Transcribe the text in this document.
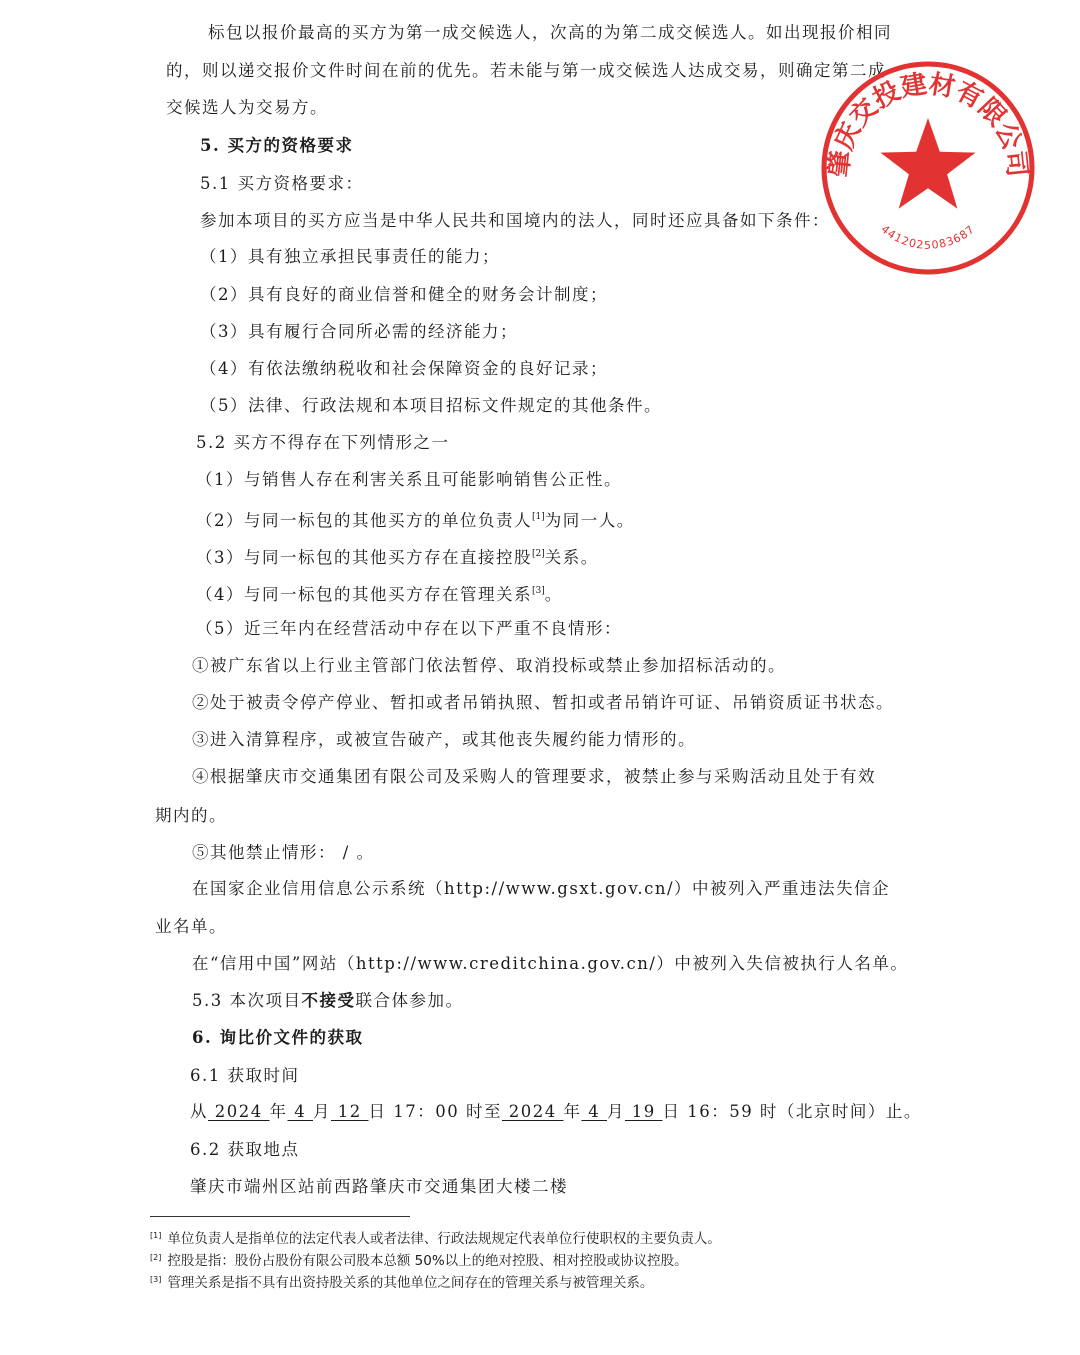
标包以报价最高的买方为第一成交候选人，次高的为第二成交候选人。如出现报价相同
的，则以递交报价文件时间在前的优先。若未能与第一成交候选人达成交易，则确定第二成
交候选人为交易方。
5. 买方的资格要求
5.1 买方资格要求：
参加本项目的买方应当是中华人民共和国境内的法人，同时还应具备如下条件：
（1）具有独立承担民事责任的能力；
（2）具有良好的商业信誉和健全的财务会计制度；
（3）具有履行合同所必需的经济能力；
（4）有依法缴纳税收和社会保障资金的良好记录；
（5）法律、行政法规和本项目招标文件规定的其他条件。
5.2 买方不得存在下列情形之一
（1）与销售人存在利害关系且可能影响销售公正性。
（2）与同一标包的其他买方的单位负责人[1]为同一人。
（3）与同一标包的其他买方存在直接控股[2]关系。
（4）与同一标包的其他买方存在管理关系[3]。
（5）近三年内在经营活动中存在以下严重不良情形：
①被广东省以上行业主管部门依法暂停、取消投标或禁止参加招标活动的。
②处于被责令停产停业、暂扣或者吊销执照、暂扣或者吊销许可证、吊销资质证书状态。
③进入清算程序，或被宣告破产，或其他丧失履约能力情形的。
④根据肇庆市交通集团有限公司及采购人的管理要求，被禁止参与采购活动且处于有效
期内的。
⑤其他禁止情形： / 。
在国家企业信用信息公示系统（http://www.gsxt.gov.cn/）中被列入严重违法失信企
业名单。
在“信用中国”网站（http://www.creditchina.gov.cn/）中被列入失信被执行人名单。
5.3 本次项目不接受联合体参加。
6. 询比价文件的获取
6.1 获取时间
从 2024 年 4 月 12 日 17：00 时至 2024 年 4 月 19 日 16：59 时（北京时间）止。
6.2 获取地点
肇庆市端州区站前西路肇庆市交通集团大楼二楼
[1] 单位负责人是指单位的法定代表人或者法律、行政法规规定代表单位行使职权的主要负责人。
[2] 控股是指：股份占股份有限公司股本总额 50%以上的绝对控股、相对控股或协议控股。
[3] 管理关系是指不具有出资持股关系的其他单位之间存在的管理关系与被管理关系。
肇庆交投建材有限公司
4412025083687
